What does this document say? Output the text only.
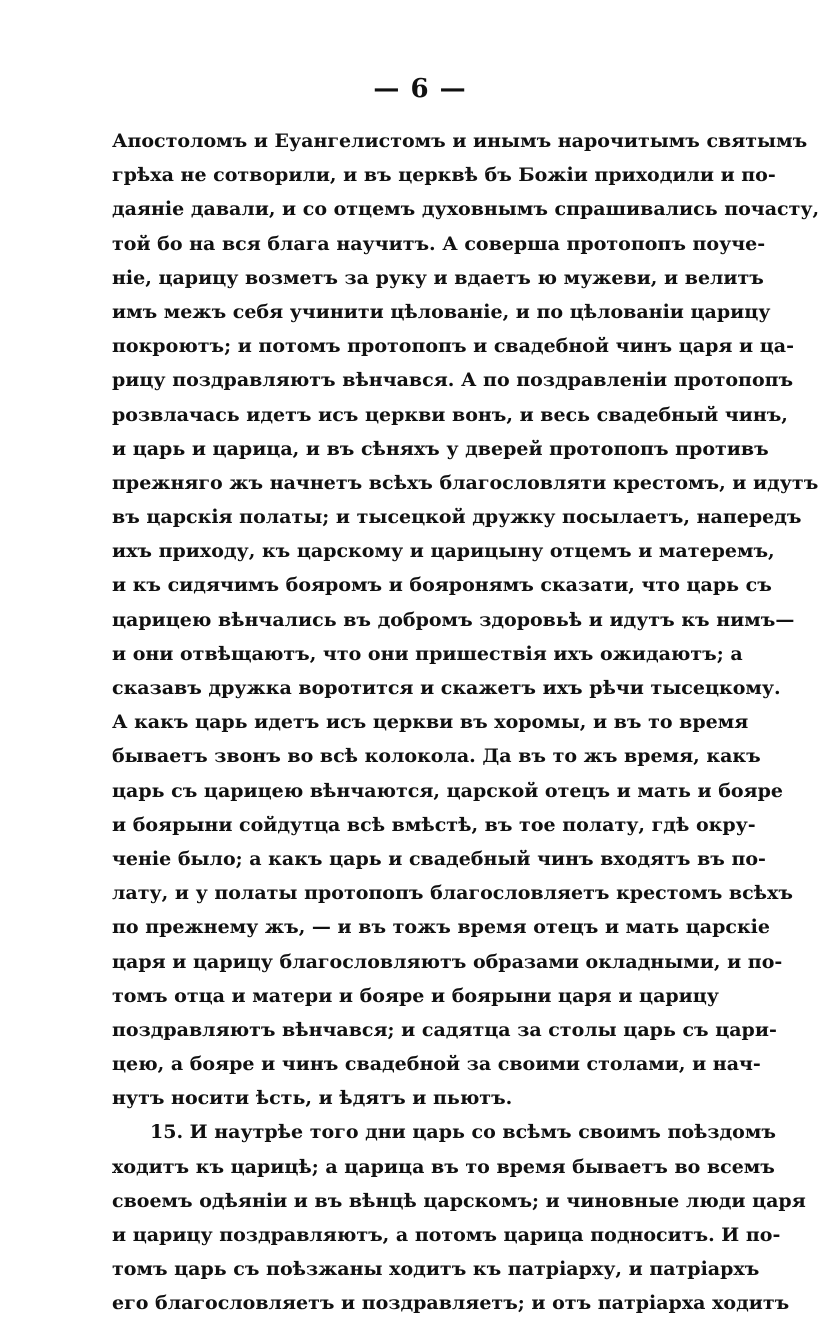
— 6 —
Апостоломъ и Еуангелистомъ и инымъ нарочитымъ святымъ
грѣха не сотворили, и въ церквѣ бъ Божіи приходили и по-
даяніе давали, и со отцемъ духовнымъ спрашивались почасту,
той бо на вся блага научитъ. А соверша протопопъ поуче-
ніе, царицу возметъ за руку и вдаетъ ю мужеви, и велитъ
имъ межъ себя учинити цѣлованіе, и по цѣлованіи царицу
покроютъ; и потомъ протопопъ и свадебной чинъ царя и ца-
рицу поздравляютъ вѣнчався. А по поздравленіи протопопъ
розвлачась идетъ исъ церкви вонъ, и весь свадебный чинъ,
и царь и царица, и въ сѣняхъ у дверей протопопъ противъ
прежняго жъ начнетъ всѣхъ благословляти крестомъ, и идутъ
въ царскія полаты; и тысецкой дружку посылаетъ, напередъ
ихъ приходу, къ царскому и царицыну отцемъ и матеремъ,
и къ сидячимъ бояромъ и бояронямъ сказати, что царь съ
царицею вѣнчались въ добромъ здоровьѣ и идутъ къ нимъ—
и они отвѣщаютъ, что они пришествія ихъ ожидаютъ; а
сказавъ дружка воротится и скажетъ ихъ рѣчи тысецкому.
А какъ царь идетъ исъ церкви въ хоромы, и въ то время
бываетъ звонъ во всѣ колокола. Да въ то жъ время, какъ
царь съ царицею вѣнчаются, царской отецъ и мать и бояре
и боярыни сойдутца всѣ вмѣстѣ, въ тое полату, гдѣ окру-
ченіе было; а какъ царь и свадебный чинъ входятъ въ по-
лату, и у полаты протопопъ благословляетъ крестомъ всѣхъ
по прежнему жъ, — и въ тожъ время отецъ и мать царскіе
царя и царицу благословляютъ образами окладными, и по-
томъ отца и матери и бояре и боярыни царя и царицу
поздравляютъ вѣнчався; и садятца за столы царь съ цари-
цею, а бояре и чинъ свадебной за своими столами, и нач-
нутъ носити ѣсть, и ѣдятъ и пьютъ.
15. И наутрѣе того дни царь со всѣмъ своимъ поѣздомъ
ходитъ къ царицѣ; а царица въ то время бываетъ во всемъ
своемъ одѣяніи и въ вѣнцѣ царскомъ; и чиновные люди царя
и царицу поздравляютъ, а потомъ царица подноситъ. И по-
томъ царь съ поѣзжаны ходитъ къ патріарху, и патріархъ
его благословляетъ и поздравляетъ; и отъ патріарха ходитъ
